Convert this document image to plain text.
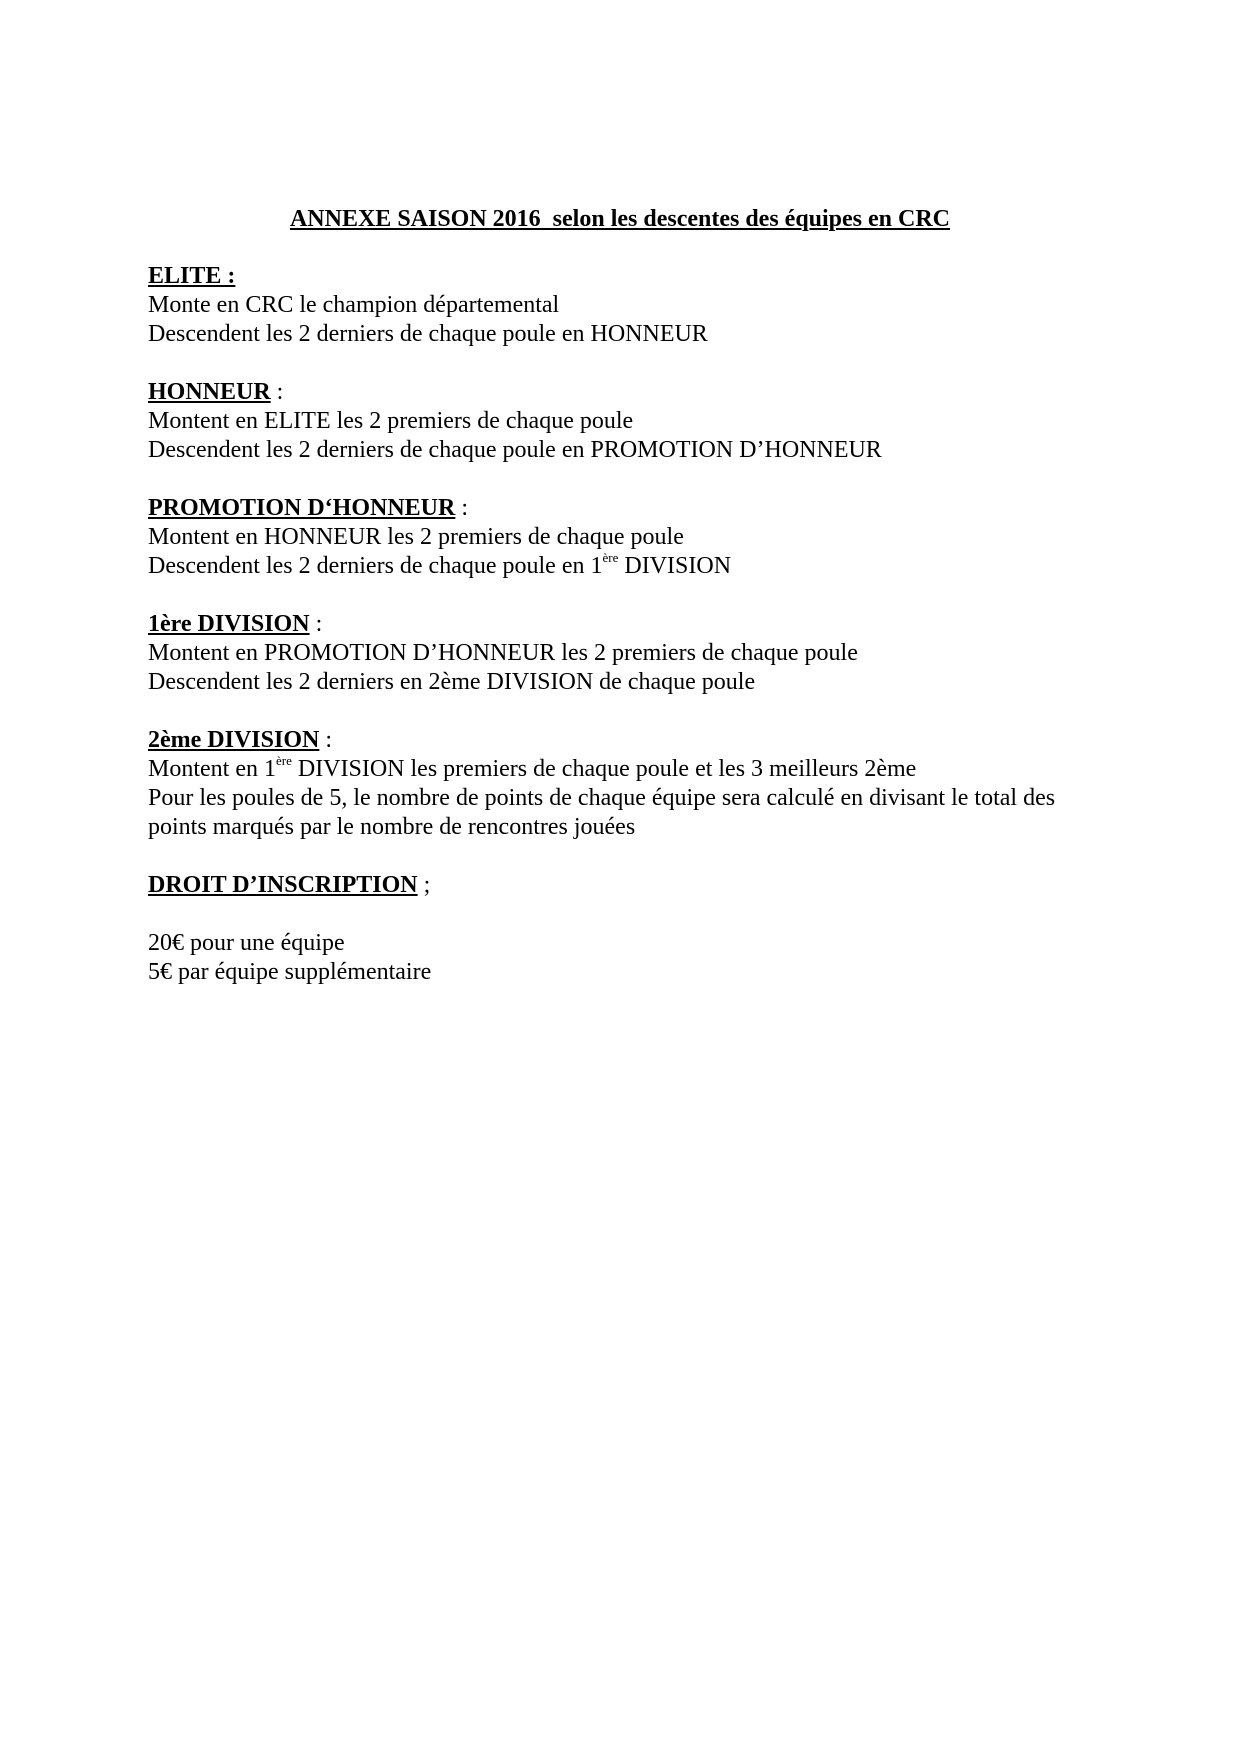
ANNEXE SAISON 2016  selon les descentes des équipes en CRC
ELITE :
Monte en CRC le champion départemental
Descendent les 2 derniers de chaque poule en HONNEUR
HONNEUR :
Montent en ELITE les 2 premiers de chaque poule
Descendent les 2 derniers de chaque poule en PROMOTION D’HONNEUR
PROMOTION D‘HONNEUR :
Montent en HONNEUR les 2 premiers de chaque poule
Descendent les 2 derniers de chaque poule en 1ère DIVISION
1ère DIVISION :
Montent en PROMOTION D’HONNEUR les 2 premiers de chaque poule
Descendent les 2 derniers en 2ème DIVISION de chaque poule
2ème DIVISION :
Montent en 1ère DIVISION les premiers de chaque poule et les 3 meilleurs 2ème
Pour les poules de 5, le nombre de points de chaque équipe sera calculé en divisant le total des
points marqués par le nombre de rencontres jouées
DROIT D’INSCRIPTION ;
20€ pour une équipe
5€ par équipe supplémentaire
